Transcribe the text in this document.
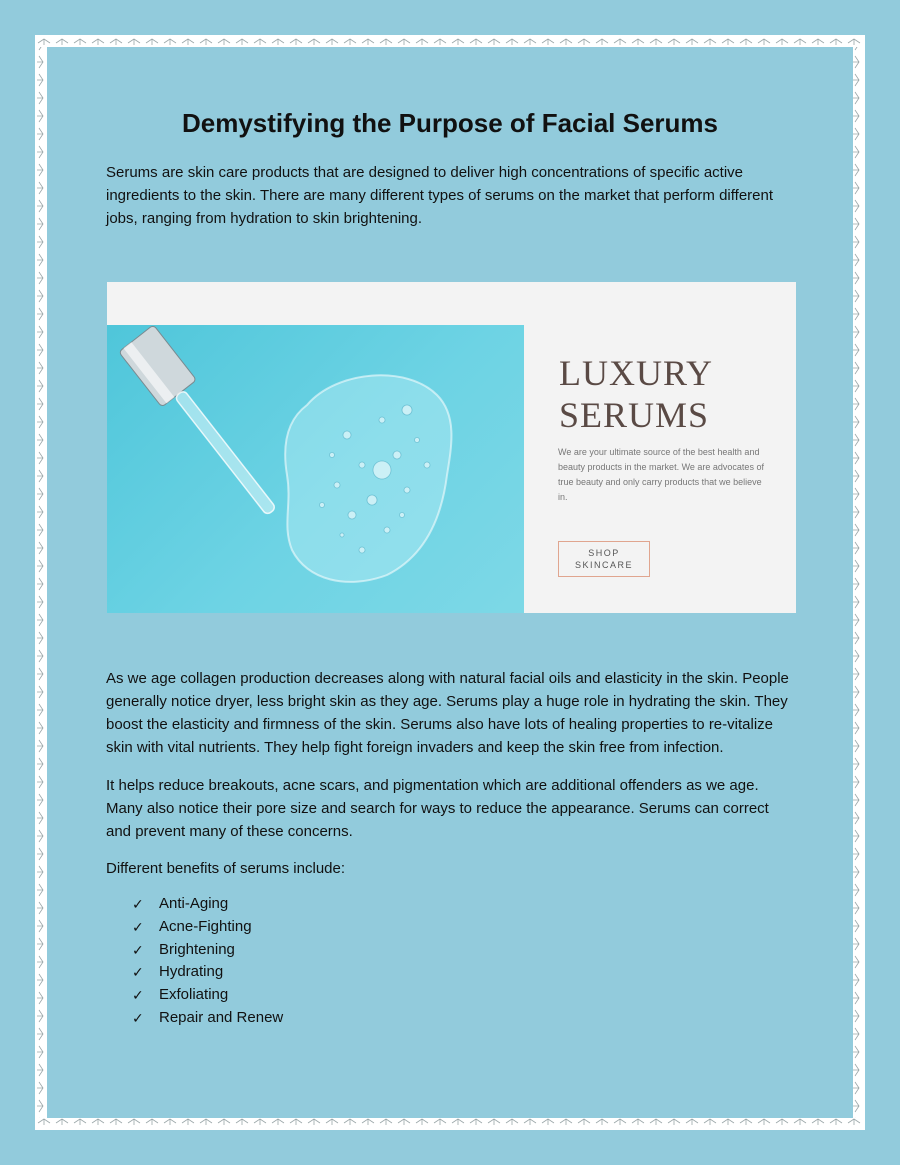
Demystifying the Purpose of Facial Serums

Serums are skin care products that are designed to deliver high concentrations of specific active ingredients to the skin. There are many different types of serums on the market that perform different jobs, ranging from hydration to skin brightening.

LUXURY
SERUMS
We are your ultimate source of the best health and beauty products in the market. We are advocates of true beauty and only carry products that we believe in.
SHOP
SKINCARE

As we age collagen production decreases along with natural facial oils and elasticity in the skin. People generally notice dryer, less bright skin as they age. Serums play a huge role in hydrating the skin. They boost the elasticity and firmness of the skin. Serums also have lots of healing properties to re-vitalize skin with vital nutrients. They help fight foreign invaders and keep the skin free from infection.

It helps reduce breakouts, acne scars, and pigmentation which are additional offenders as we age. Many also notice their pore size and search for ways to reduce the appearance. Serums can correct and prevent many of these concerns.

Different benefits of serums include:

✓	Anti-Aging
✓	Acne-Fighting
✓	Brightening
✓	Hydrating
✓	Exfoliating
✓	Repair and Renew
